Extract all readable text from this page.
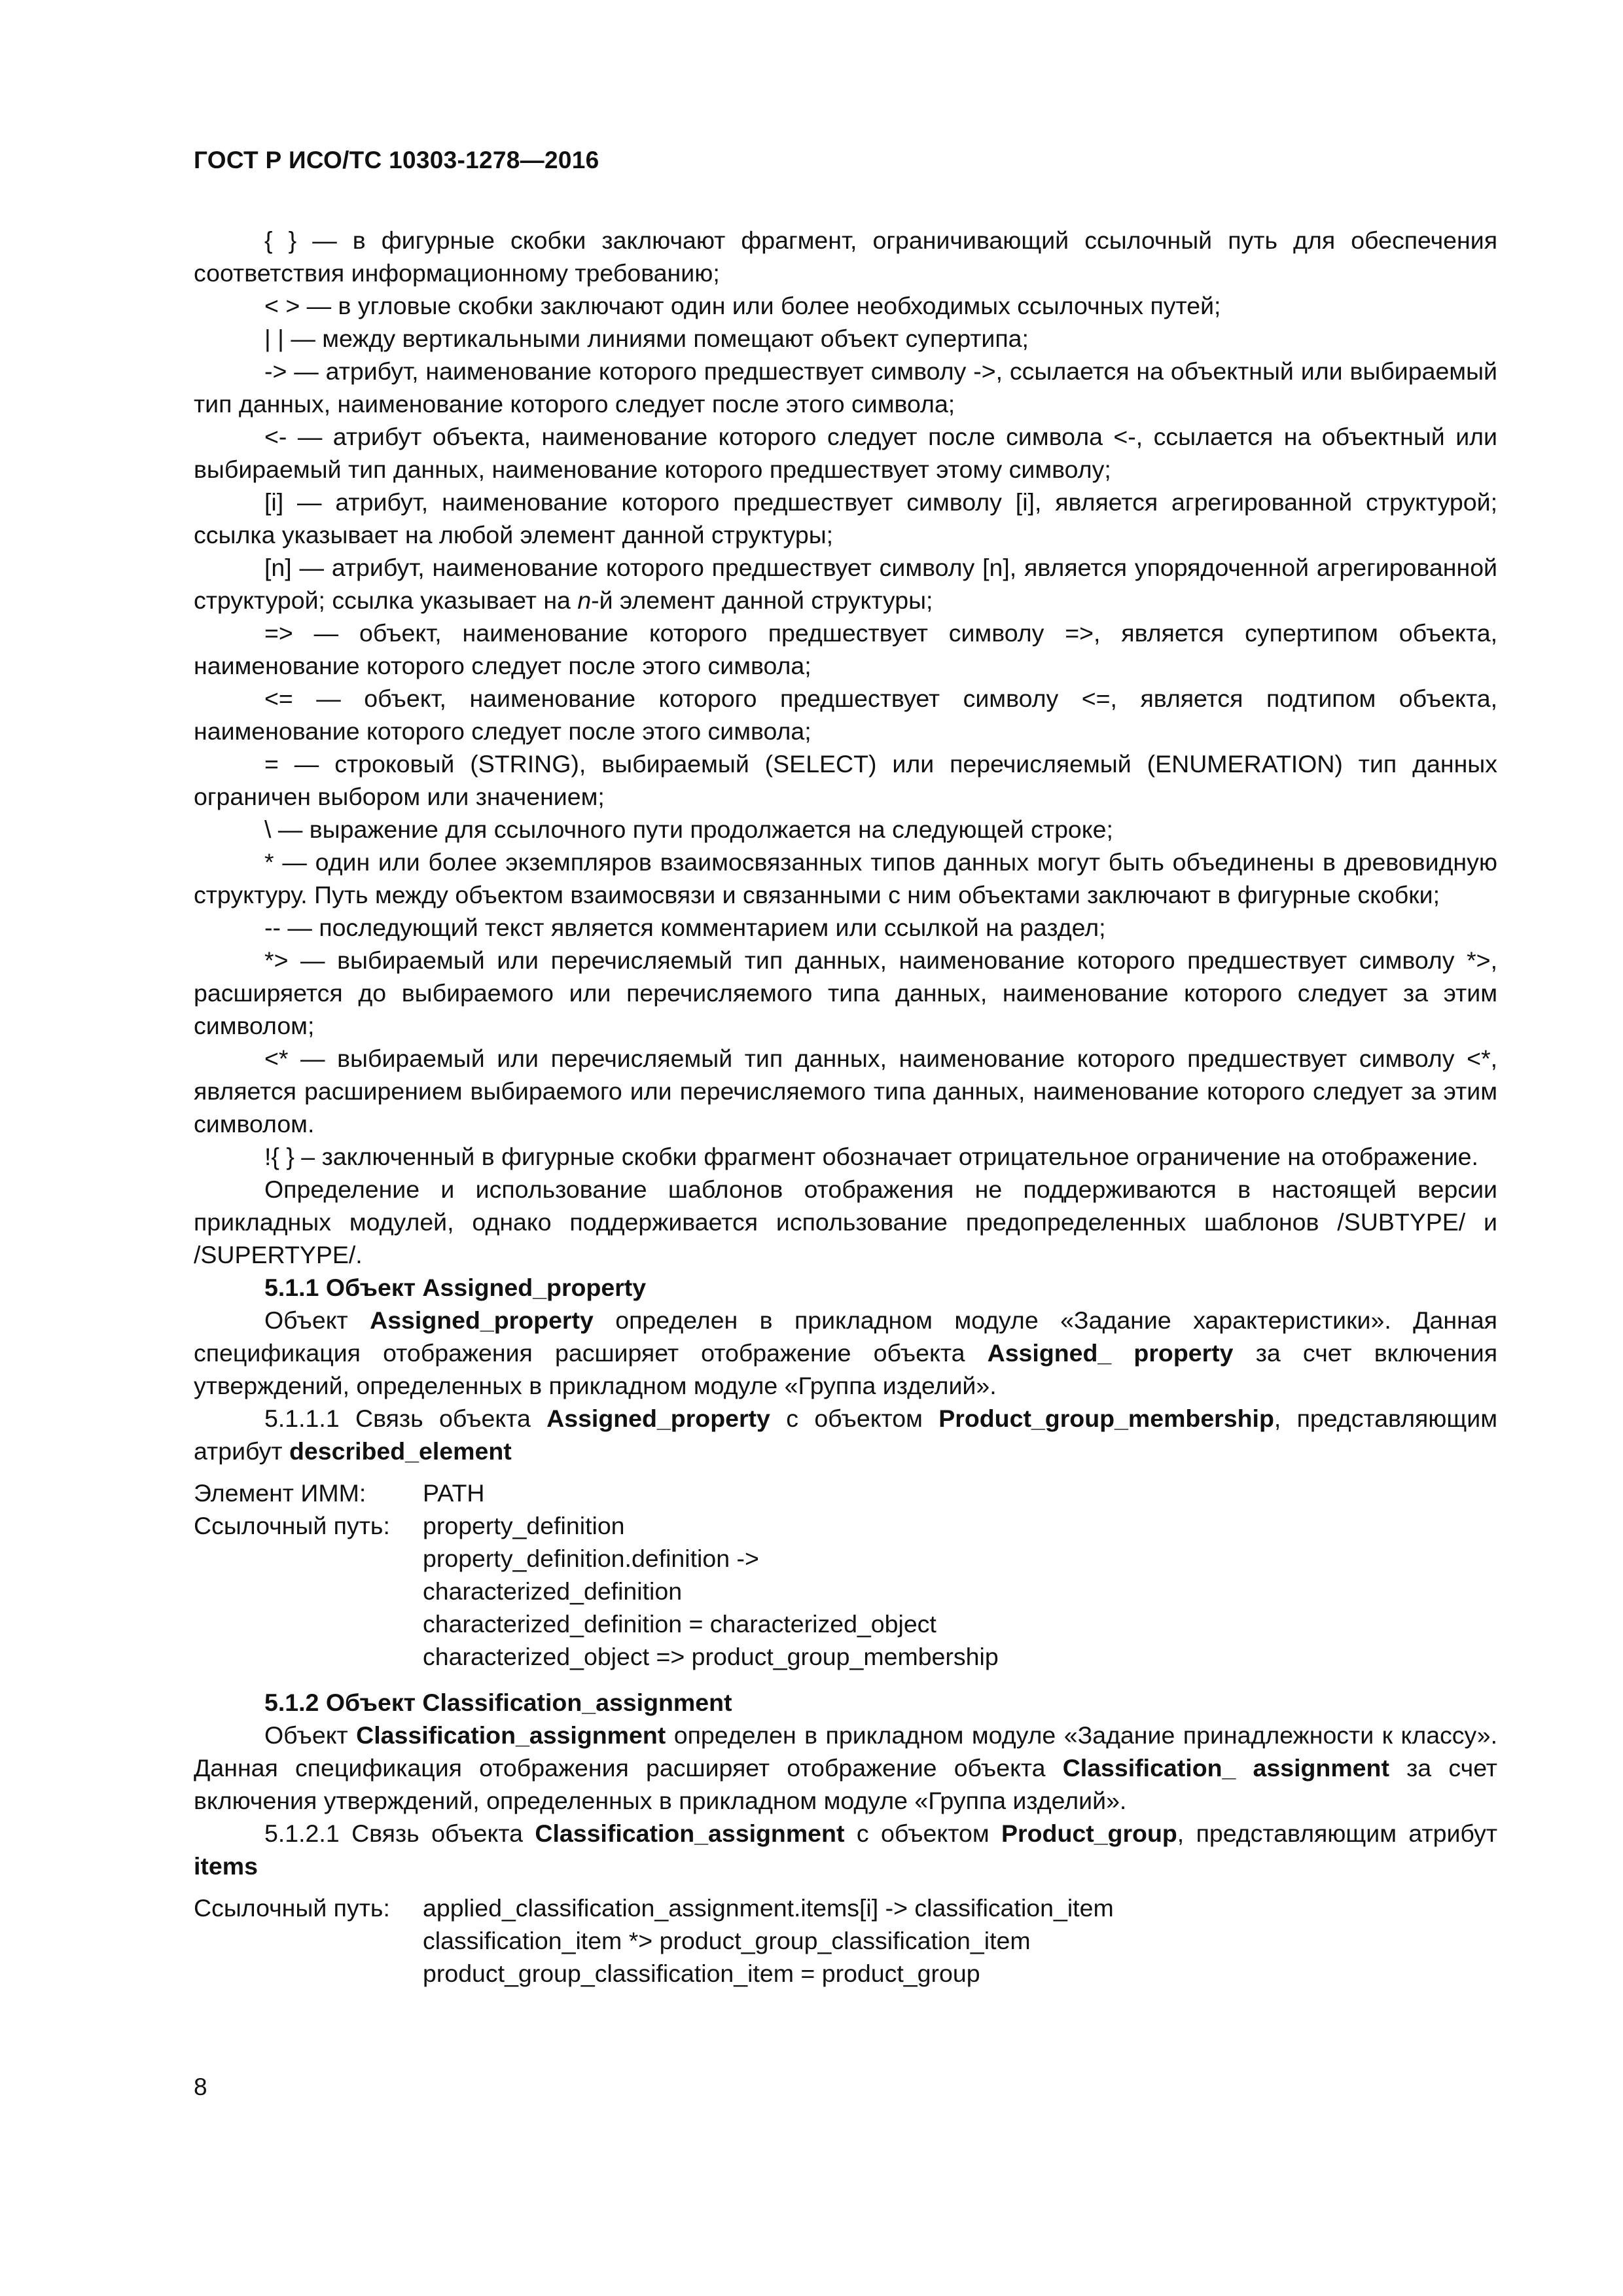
ГОСТ Р ИСО/ТС 10303-1278—2016

{ } — в фигурные скобки заключают фрагмент, ограничивающий ссылочный путь для обеспечения соответствия информационному требованию;

< > — в угловые скобки заключают один или более необходимых ссылочных путей;

| | — между вертикальными линиями помещают объект супертипа;

-> — атрибут, наименование которого предшествует символу ->, ссылается на объектный или выбираемый тип данных, наименование которого следует после этого символа;

<- — атрибут объекта, наименование которого следует после символа <-, ссылается на объектный или выбираемый тип данных, наименование которого предшествует этому символу;

[i] — атрибут, наименование которого предшествует символу [i], является агрегированной структурой; ссылка указывает на любой элемент данной структуры;

[n] — атрибут, наименование которого предшествует символу [n], является упорядоченной агрегированной структурой; ссылка указывает на n-й элемент данной структуры;

=> — объект, наименование которого предшествует символу =>, является супертипом объекта, наименование которого следует после этого символа;

<= — объект, наименование которого предшествует символу <=, является подтипом объекта, наименование которого следует после этого символа;

= — строковый (STRING), выбираемый (SELECT) или перечисляемый (ENUMERATION) тип данных ограничен выбором или значением;

\ — выражение для ссылочного пути продолжается на следующей строке;

* — один или более экземпляров взаимосвязанных типов данных могут быть объединены в древовидную структуру. Путь между объектом взаимосвязи и связанными с ним объектами заключают в фигурные скобки;

-- — последующий текст является комментарием или ссылкой на раздел;

*> — выбираемый или перечисляемый тип данных, наименование которого предшествует символу *>, расширяется до выбираемого или перечисляемого типа данных, наименование которого следует за этим символом;

<* — выбираемый или перечисляемый тип данных, наименование которого предшествует символу <*, является расширением выбираемого или перечисляемого типа данных, наименование которого следует за этим символом.

!{ } – заключенный в фигурные скобки фрагмент обозначает отрицательное ограничение на отображение.

Определение и использование шаблонов отображения не поддерживаются в настоящей версии прикладных модулей, однако поддерживается использование предопределенных шаблонов /SUBTYPE/ и /SUPERTYPE/.

5.1.1 Объект Assigned_property

Объект Assigned_property определен в прикладном модуле «Задание характеристики». Данная спецификация отображения расширяет отображение объекта Assigned_ property за счет включения утверждений, определенных в прикладном модуле «Группа изделий».

5.1.1.1 Связь объекта Assigned_property с объектом Product_group_membership, представляющим атрибут described_element

Элемент ИММ:	PATH
Ссылочный путь:	property_definition
property_definition.definition ->
characterized_definition
characterized_definition = characterized_object
characterized_object => product_group_membership

5.1.2 Объект Classification_assignment

Объект Classification_assignment определен в прикладном модуле «Задание принадлежности к классу». Данная спецификация отображения расширяет отображение объекта Classification_ assignment за счет включения утверждений, определенных в прикладном модуле «Группа изделий».

5.1.2.1 Связь объекта Classification_assignment с объектом Product_group, представляющим атрибут items

Ссылочный путь:	applied_classification_assignment.items[i] -> classification_item
classification_item *> product_group_classification_item
product_group_classification_item = product_group
8
